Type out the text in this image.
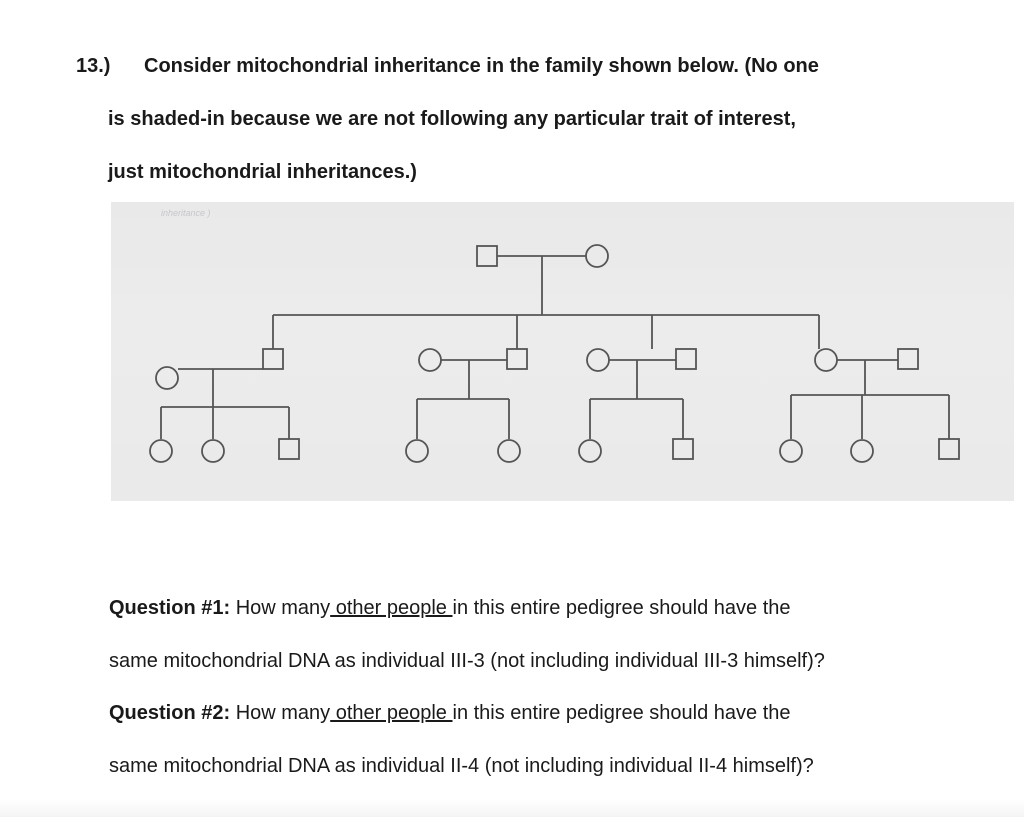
13.) Consider mitochondrial inheritance in the family shown below. (No one
is shaded-in because we are not following any particular trait of interest,
just mitochondrial inheritances.)
inheritance )
Question #1: How many other people in this entire pedigree should have the
same mitochondrial DNA as individual III-3 (not including individual III-3 himself)?
Question #2: How many other people in this entire pedigree should have the
same mitochondrial DNA as individual II-4 (not including individual II-4 himself)?
